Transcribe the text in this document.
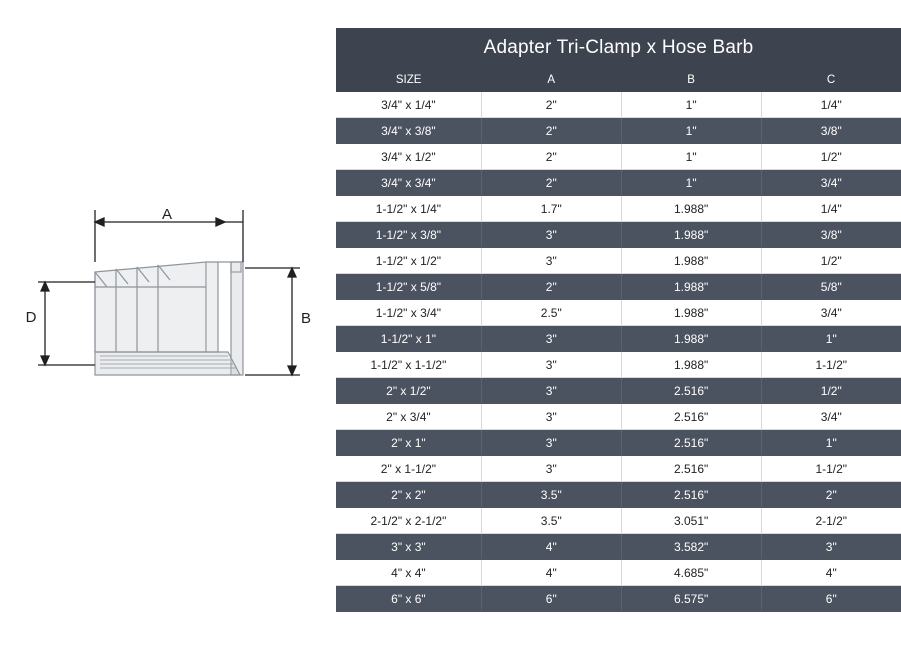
A
B
D
Adapter Tri-Clamp x Hose Barb			
SIZE	A	B	C
3/4" x 1/4"	2"	1"	1/4"
3/4" x 3/8"	2"	1"	3/8"
3/4" x 1/2"	2"	1"	1/2"
3/4" x 3/4"	2"	1"	3/4"
1-1/2" x 1/4"	1.7"	1.988"	1/4"
1-1/2" x 3/8"	3"	1.988"	3/8"
1-1/2" x 1/2"	3"	1.988"	1/2"
1-1/2" x 5/8"	2"	1.988"	5/8"
1-1/2" x 3/4"	2.5"	1.988"	3/4"
1-1/2" x 1"	3"	1.988"	1"
1-1/2" x 1-1/2"	3"	1.988"	1-1/2"
2" x 1/2"	3"	2.516"	1/2"
2" x 3/4"	3"	2.516"	3/4"
2" x 1"	3"	2.516"	1"
2" x 1-1/2"	3"	2.516"	1-1/2"
2" x 2"	3.5"	2.516"	2"
2-1/2" x 2-1/2"	3.5"	3.051"	2-1/2"
3" x 3"	4"	3.582"	3"
4" x 4"	4"	4.685"	4"
6" x 6"	6"	6.575"	6"
